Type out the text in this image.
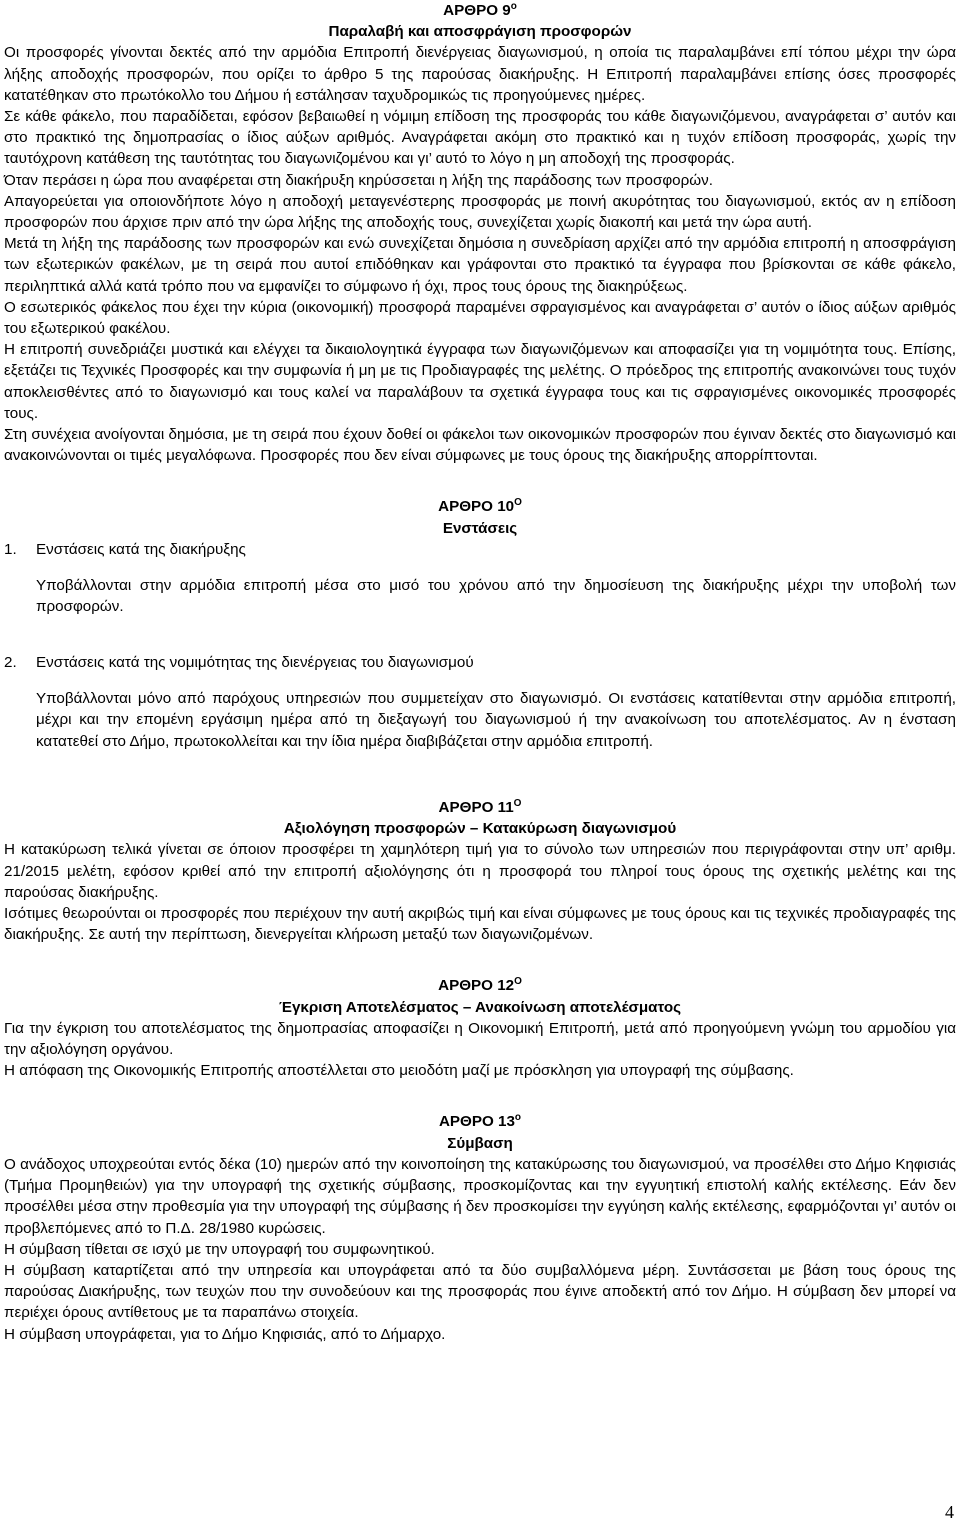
ΑΡΘΡΟ $9^o$
Παραλαβή και αποσφράγιση προσφορών

Οι προσφορές γίνονται δεκτές από την αρμόδια Επιτροπή διενέργειας διαγωνισμού, η οποία τις παραλαμβάνει επί τόπου μέχρι την ώρα λήξης αποδοχής προσφορών, που ορίζει το άρθρο 5 της παρούσας διακήρυξης. Η Επιτροπή παραλαμβάνει επίσης όσες προσφορές κατατέθηκαν στο πρωτόκολλο του Δήμου ή εστάλησαν ταχυδρομικώς τις προηγούμενες ημέρες.

Σε κάθε φάκελο, που παραδίδεται, εφόσον βεβαιωθεί η νόμιμη επίδοση της προσφοράς του κάθε διαγωνιζόμενου, αναγράφεται σ’ αυτόν και στο πρακτικό της δημοπρασίας ο ίδιος αύξων αριθμός. Αναγράφεται ακόμη στο πρακτικό και η τυχόν επίδοση προσφοράς, χωρίς την ταυτόχρονη κατάθεση της ταυτότητας του διαγωνιζομένου και γι’ αυτό το λόγο η μη αποδοχή της προσφοράς.

Όταν περάσει η ώρα που αναφέρεται στη διακήρυξη κηρύσσεται η λήξη της παράδοσης των προσφορών.

Απαγορεύεται για οποιονδήποτε λόγο η αποδοχή μεταγενέστερης προσφοράς με ποινή ακυρότητας του διαγωνισμού, εκτός αν η επίδοση προσφορών που άρχισε πριν από την ώρα λήξης της αποδοχής τους, συνεχίζεται χωρίς διακοπή και μετά την ώρα αυτή.

Μετά τη λήξη της παράδοσης των προσφορών και ενώ συνεχίζεται δημόσια η συνεδρίαση αρχίζει από την αρμόδια επιτροπή η αποσφράγιση των εξωτερικών φακέλων, με τη σειρά που αυτοί επιδόθηκαν και γράφονται στο πρακτικό τα έγγραφα που βρίσκονται σε κάθε φάκελο, περιληπτικά αλλά κατά τρόπο που να εμφανίζει το σύμφωνο ή όχι, προς τους όρους της διακηρύξεως.

Ο εσωτερικός φάκελος που έχει την κύρια (οικονομική) προσφορά παραμένει σφραγισμένος και αναγράφεται σ’ αυτόν ο ίδιος αύξων αριθμός του εξωτερικού φακέλου.

Η επιτροπή συνεδριάζει μυστικά και ελέγχει τα δικαιολογητικά έγγραφα των διαγωνιζόμενων και αποφασίζει για τη νομιμότητα τους. Επίσης, εξετάζει τις Τεχνικές Προσφορές και την συμφωνία ή μη με τις Προδιαγραφές της μελέτης. Ο πρόεδρος της επιτροπής ανακοινώνει τους τυχόν αποκλεισθέντες από το διαγωνισμό και τους καλεί να παραλάβουν τα σχετικά έγγραφα τους και τις σφραγισμένες οικονομικές προσφορές τους.

Στη συνέχεια ανοίγονται δημόσια, με τη σειρά που έχουν δοθεί οι φάκελοι των οικονομικών προσφορών που έγιναν δεκτές στο διαγωνισμό και ανακοινώνονται οι τιμές μεγαλόφωνα. Προσφορές που δεν είναι σύμφωνες με τους όρους της διακήρυξης απορρίπτονται.

ΑΡΘΡΟ $10^O$
Ενστάσεις
1.	Ενστάσεις κατά της διακήρυξης

Υποβάλλονται στην αρμόδια επιτροπή μέσα στο μισό του χρόνου από την δημοσίευση της διακήρυξης μέχρι την υποβολή των προσφορών.

2.	Ενστάσεις κατά της νομιμότητας της διενέργειας του διαγωνισμού

Υποβάλλονται μόνο από παρόχους υπηρεσιών που συμμετείχαν στο διαγωνισμό. Οι ενστάσεις κατατίθενται στην αρμόδια επιτροπή, μέχρι και την επομένη εργάσιμη ημέρα από τη διεξαγωγή του διαγωνισμού ή την ανακοίνωση του αποτελέσματος. Αν η ένσταση κατατεθεί στο Δήμο, πρωτοκολλείται και την ίδια ημέρα διαβιβάζεται στην αρμόδια επιτροπή.

ΑΡΘΡΟ $11^O$
Αξιολόγηση προσφορών – Κατακύρωση διαγωνισμού

Η κατακύρωση τελικά γίνεται σε όποιον προσφέρει τη χαμηλότερη τιμή για το σύνολο των υπηρεσιών που περιγράφονται στην υπ’ αριθμ. 21/2015 μελέτη, εφόσον κριθεί από την επιτροπή αξιολόγησης ότι η προσφορά του πληροί τους όρους της σχετικής μελέτης και της παρούσας διακήρυξης.

Ισότιμες θεωρούνται οι προσφορές που περιέχουν την αυτή ακριβώς τιμή και είναι σύμφωνες με τους όρους και τις τεχνικές προδιαγραφές της διακήρυξης. Σε αυτή την περίπτωση, διενεργείται κλήρωση μεταξύ των διαγωνιζομένων.

ΑΡΘΡΟ $12^O$
Έγκριση Αποτελέσματος – Ανακοίνωση αποτελέσματος

Για την έγκριση του αποτελέσματος της δημοπρασίας αποφασίζει η Οικονομική Επιτροπή, μετά από προηγούμενη γνώμη του αρμοδίου για την αξιολόγηση οργάνου.

Η απόφαση της Οικονομικής Επιτροπής αποστέλλεται στο μειοδότη μαζί με πρόσκληση για υπογραφή της σύμβασης.

ΑΡΘΡΟ $13^o$
Σύμβαση

Ο ανάδοχος υποχρεούται εντός δέκα (10) ημερών από την κοινοποίηση της κατακύρωσης του διαγωνισμού, να προσέλθει στο Δήμο Κηφισιάς (Τμήμα Προμηθειών) για την υπογραφή της σχετικής σύμβασης, προσκομίζοντας και την εγγυητική επιστολή καλής εκτέλεσης. Εάν δεν προσέλθει μέσα στην προθεσμία για την υπογραφή της σύμβασης ή δεν προσκομίσει την εγγύηση καλής εκτέλεσης, εφαρμόζονται γι’ αυτόν οι προβλεπόμενες από το Π.Δ. 28/1980 κυρώσεις.

Η σύμβαση τίθεται σε ισχύ με την υπογραφή του συμφωνητικού.

Η σύμβαση καταρτίζεται από την υπηρεσία και υπογράφεται από τα δύο συμβαλλόμενα μέρη. Συντάσσεται με βάση τους όρους της παρούσας Διακήρυξης, των τευχών που την συνοδεύουν και της προσφοράς που έγινε αποδεκτή από τον Δήμο. Η σύμβαση δεν μπορεί να περιέχει όρους αντίθετους με τα παραπάνω στοιχεία.

Η σύμβαση υπογράφεται, για το Δήμο Κηφισιάς, από το Δήμαρχο.

4
